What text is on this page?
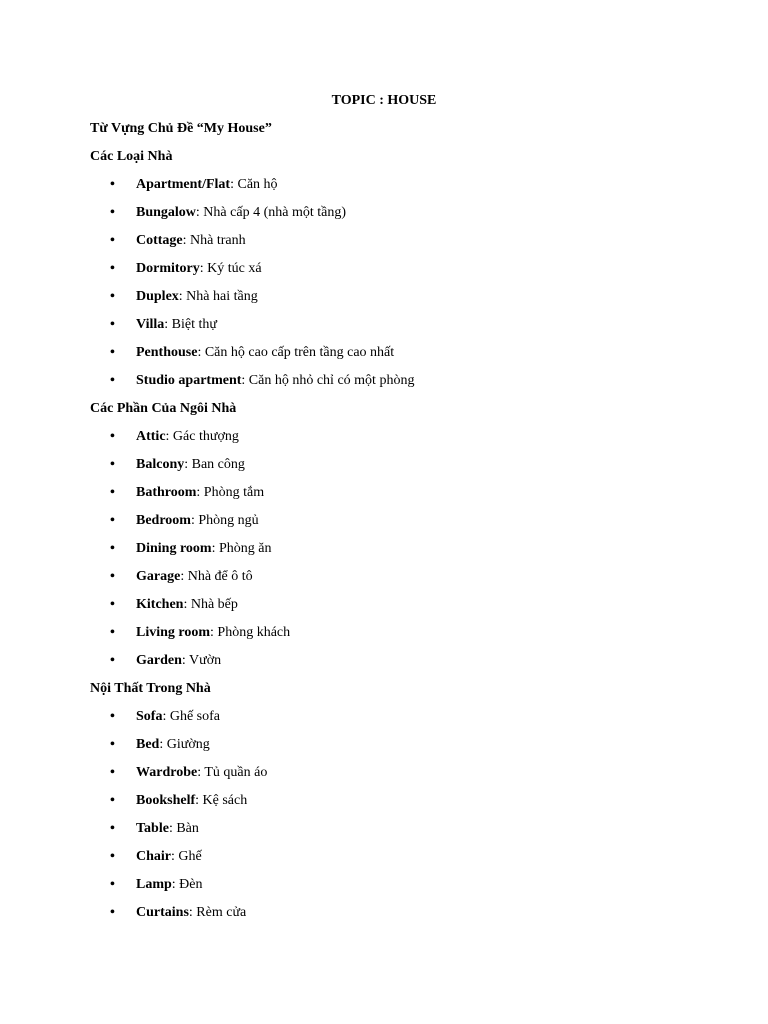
TOPIC : HOUSE
Từ Vựng Chủ Đề “My House”
Các Loại Nhà
• Apartment/Flat: Căn hộ
• Bungalow: Nhà cấp 4 (nhà một tầng)
• Cottage: Nhà tranh
• Dormitory: Ký túc xá
• Duplex: Nhà hai tầng
• Villa: Biệt thự
• Penthouse: Căn hộ cao cấp trên tầng cao nhất
• Studio apartment: Căn hộ nhỏ chỉ có một phòng
Các Phần Của Ngôi Nhà
• Attic: Gác thượng
• Balcony: Ban công
• Bathroom: Phòng tắm
• Bedroom: Phòng ngủ
• Dining room: Phòng ăn
• Garage: Nhà để ô tô
• Kitchen: Nhà bếp
• Living room: Phòng khách
• Garden: Vườn
Nội Thất Trong Nhà
• Sofa: Ghế sofa
• Bed: Giường
• Wardrobe: Tủ quần áo
• Bookshelf: Kệ sách
• Table: Bàn
• Chair: Ghế
• Lamp: Đèn
• Curtains: Rèm cửa
